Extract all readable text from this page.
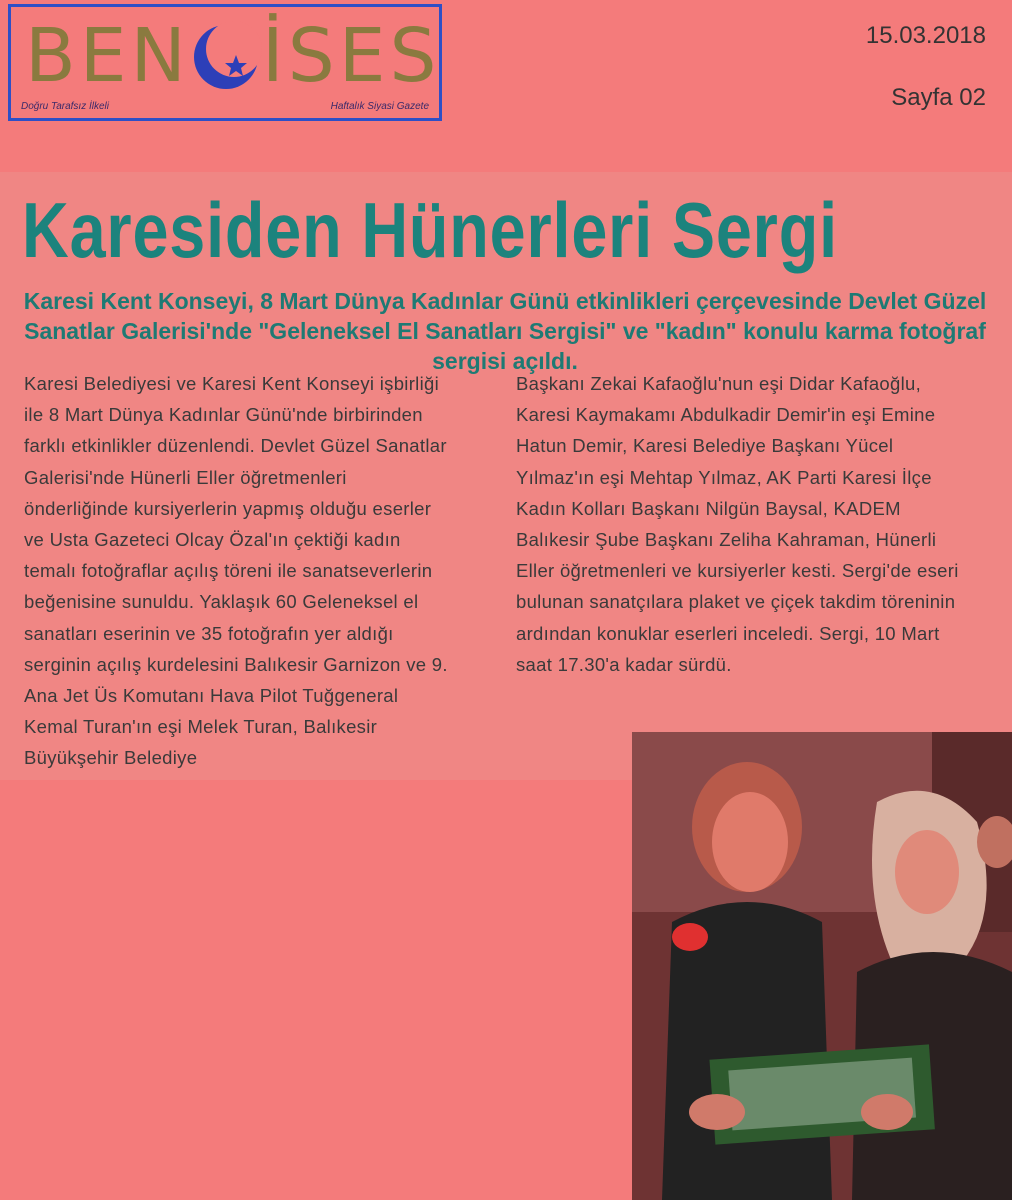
BEN İSES
Doğru Tarafsız İlkeli	Haftalık Siyasi Gazete
15.03.2018
Sayfa 02
Karesiden Hünerleri Sergi
Karesi Kent Konseyi, 8 Mart Dünya Kadınlar Günü etkinlikleri çerçevesinde Devlet Güzel Sanatlar Galerisi'nde "Geleneksel El Sanatları Sergisi" ve "kadın" konulu karma fotoğraf sergisi açıldı.
Karesi Belediyesi ve Karesi Kent Konseyi işbirliği ile 8 Mart Dünya Kadınlar Günü'nde birbirinden farklı etkinlikler düzenlendi. Devlet Güzel Sanatlar Galerisi'nde Hünerli Eller öğretmenleri önderliğinde kursiyerlerin yapmış olduğu eserler ve Usta Gazeteci Olcay Özal'ın çektiği kadın temalı fotoğraflar açılış töreni ile sanatseverlerin beğenisine sunuldu. Yaklaşık 60 Geleneksel el sanatları eserinin ve 35 fotoğrafın yer aldığı serginin açılış kurdelesini Balıkesir Garnizon ve 9. Ana Jet Üs Komutanı Hava Pilot Tuğgeneral Kemal Turan'ın eşi Melek Turan, Balıkesir Büyükşehir Belediye
Başkanı Zekai Kafaoğlu'nun eşi Didar Kafaoğlu, Karesi Kaymakamı Abdulkadir Demir'in eşi Emine Hatun Demir, Karesi Belediye Başkanı Yücel Yılmaz'ın eşi Mehtap Yılmaz, AK Parti Karesi İlçe Kadın Kolları Başkanı Nilgün Baysal, KADEM Balıkesir Şube Başkanı Zeliha Kahraman, Hünerli Eller öğretmenleri ve kursiyerler kesti. Sergi'de eseri bulunan sanatçılara plaket ve çiçek takdim töreninin ardından konuklar eserleri inceledi. Sergi, 10 Mart saat 17.30'a kadar sürdü.
